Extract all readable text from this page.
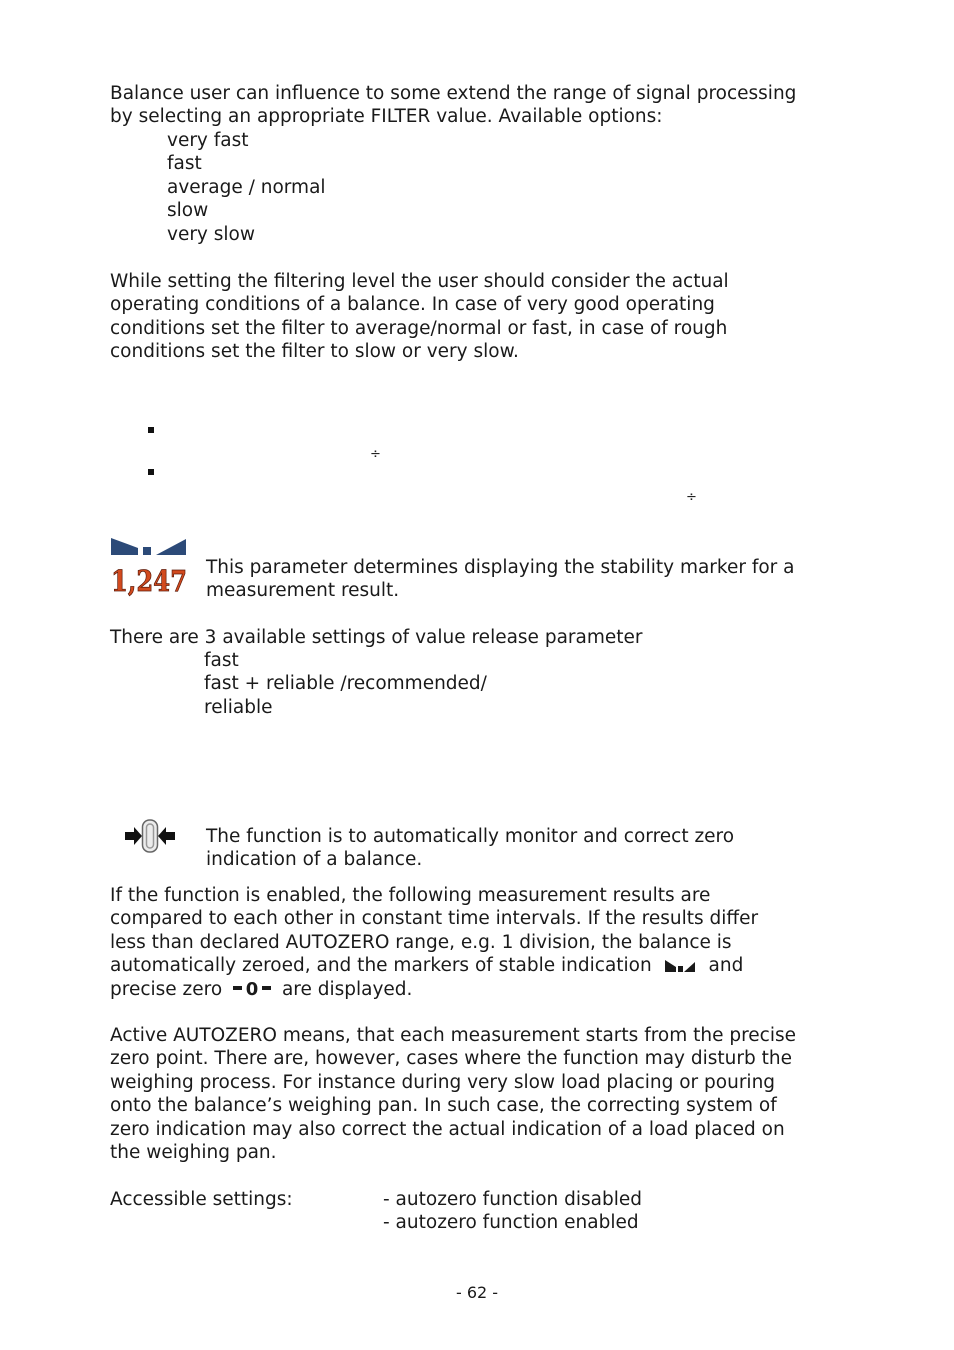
Balance user can influence to some extend the range of signal processing
by selecting an appropriate FILTER value. Available options:
very fast
fast
average / normal
slow
very slow
While setting the filtering level the user should consider the actual
operating conditions of a balance. In case of very good operating
conditions set the filter to average/normal or fast, in case of rough
conditions set the filter to slow or very slow.
÷
÷
1,247 This parameter determines displaying the stability marker for a
measurement result.
There are 3 available settings of value release parameter
fast
fast + reliable /recommended/
reliable
The function is to automatically monitor and correct zero
indication of a balance.
If the function is enabled, the following measurement results are
compared to each other in constant time intervals. If the results differ
less than declared AUTOZERO range, e.g. 1 division, the balance is
automatically zeroed, and the markers of stable indication	and
precise zero 0 are displayed.
Active AUTOZERO means, that each measurement starts from the precise
zero point. There are, however, cases where the function may disturb the
weighing process. For instance during very slow load placing or pouring
onto the balance’s weighing pan. In such case, the correcting system of
zero indication may also correct the actual indication of a load placed on
the weighing pan.
Accessible settings:	- autozero function disabled
- autozero function enabled
- 62 -
